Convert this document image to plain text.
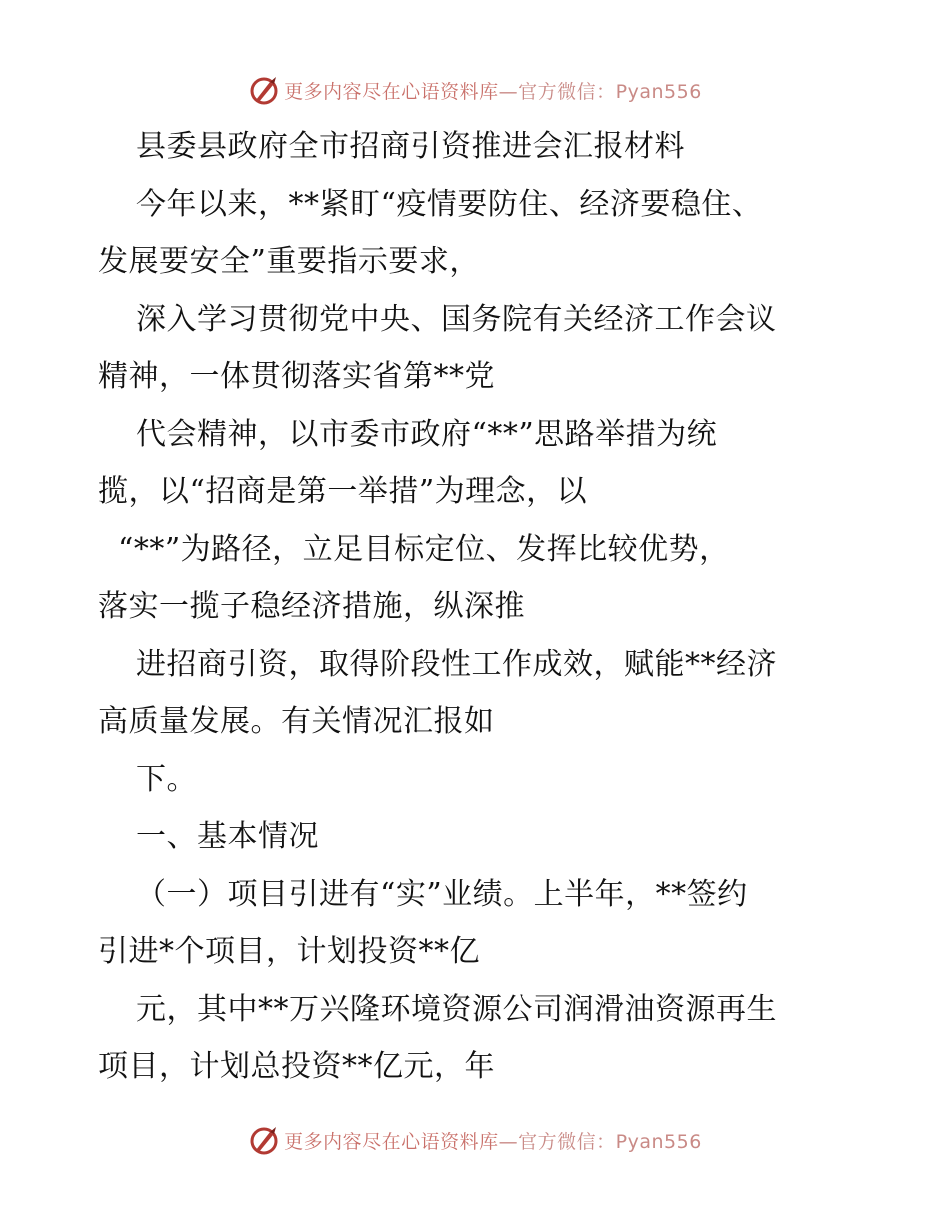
更多内容尽在心语资料库—官方微信：Pyan556
县委县政府全市招商引资推进会汇报材料
今年以来，**紧盯“疫情要防住、经济要稳住、
发展要安全”重要指示要求，
深入学习贯彻党中央、国务院有关经济工作会议
精神，一体贯彻落实省第**党
代会精神，以市委市政府“**”思路举措为统
揽，以“招商是第一举措”为理念，以
“**”为路径，立足目标定位、发挥比较优势，
落实一揽子稳经济措施，纵深推
进招商引资，取得阶段性工作成效，赋能**经济
高质量发展。有关情况汇报如
下。
一、基本情况
（一）项目引进有“实”业绩。上半年，**签约
引进*个项目，计划投资**亿
元，其中**万兴隆环境资源公司润滑油资源再生
项目，计划总投资**亿元，年
更多内容尽在心语资料库—官方微信：Pyan556
